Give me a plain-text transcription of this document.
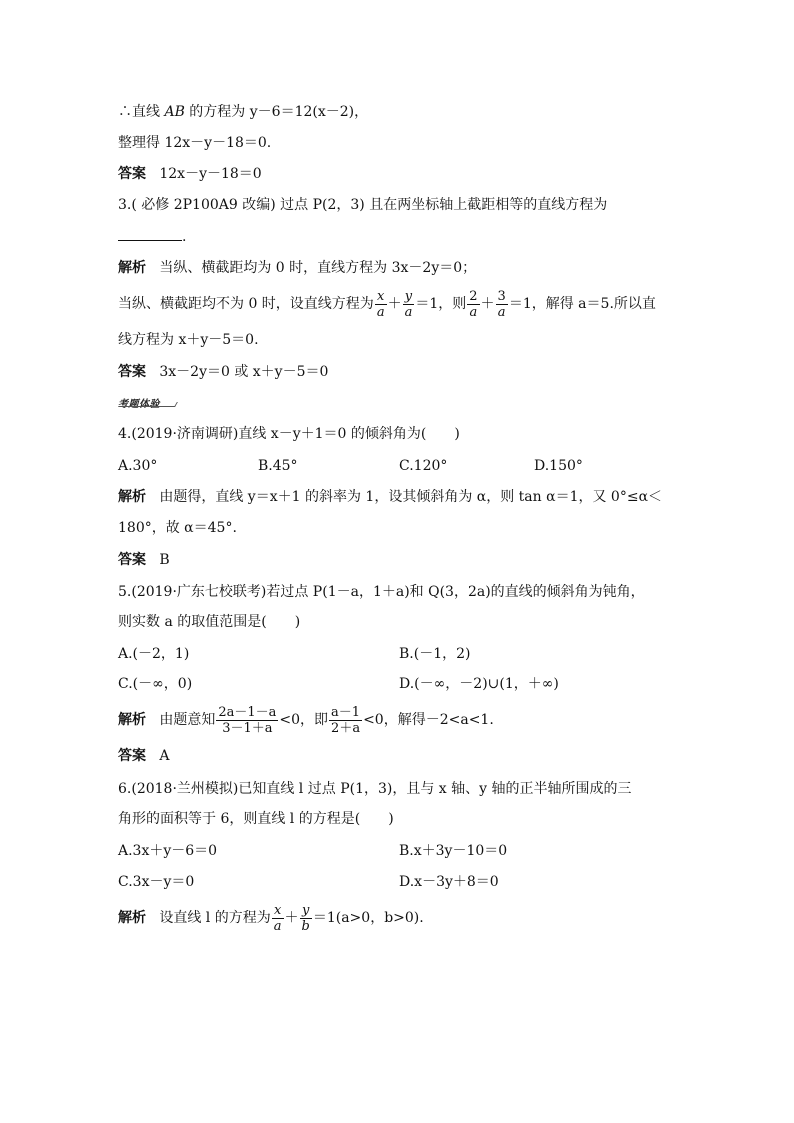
∴直线 AB 的方程为 y－6＝12(x－2)，
整理得 12x－y－18＝0.
答案 12x－y－18＝0
3.( 必修 2P100A9 改编) 过点 P(2，3) 且在两坐标轴上截距相等的直线方程为
.
解析 当纵、横截距均为 0 时，直线方程为 3x－2y＝0；
当纵、横截距均不为 0 时，设直线方程为 $\frac{x}{a} + \frac{y}{a} =1$，则 $\frac{2}{a} + \frac{3}{a} =1$，解得 a＝5.所以直
线方程为 x＋y－5＝0.
答案 3x－2y＝0 或 x＋y－5＝0
考题体验
4.(2019·济南调研)直线 x－y＋1＝0 的倾斜角为(　　)
A.30°	B.45°	C.120°	D.150°
解析 由题得，直线 y＝x＋1 的斜率为 1，设其倾斜角为 α，则 tan α＝1，又 0°≤α＜
180°，故 α＝45°.
答案 B
5.(2019·广东七校联考)若过点 P(1－a，1＋a)和 Q(3，2a)的直线的倾斜角为钝角，
则实数 a 的取值范围是(　　)
A.(－2，1)	B.(－1，2)
C.(－∞，0)	D.(－∞，－2)∪(1，＋∞)
解析 由题意知 $\frac{2a-1-a}{3-1+a} <0$，即 $\frac{a-1}{2+a} <0$，解得－2<a<1.
答案 A
6.(2018·兰州模拟)已知直线 l 过点 P(1，3)，且与 x 轴、y 轴的正半轴所围成的三
角形的面积等于 6，则直线 l 的方程是(　　)
A.3x＋y－6＝0	B.x＋3y－10＝0
C.3x－y＝0	D.x－3y＋8＝0
解析 设直线 l 的方程为 $\frac{x}{a} + \frac{y}{b} =1(a>0$，b>0).
